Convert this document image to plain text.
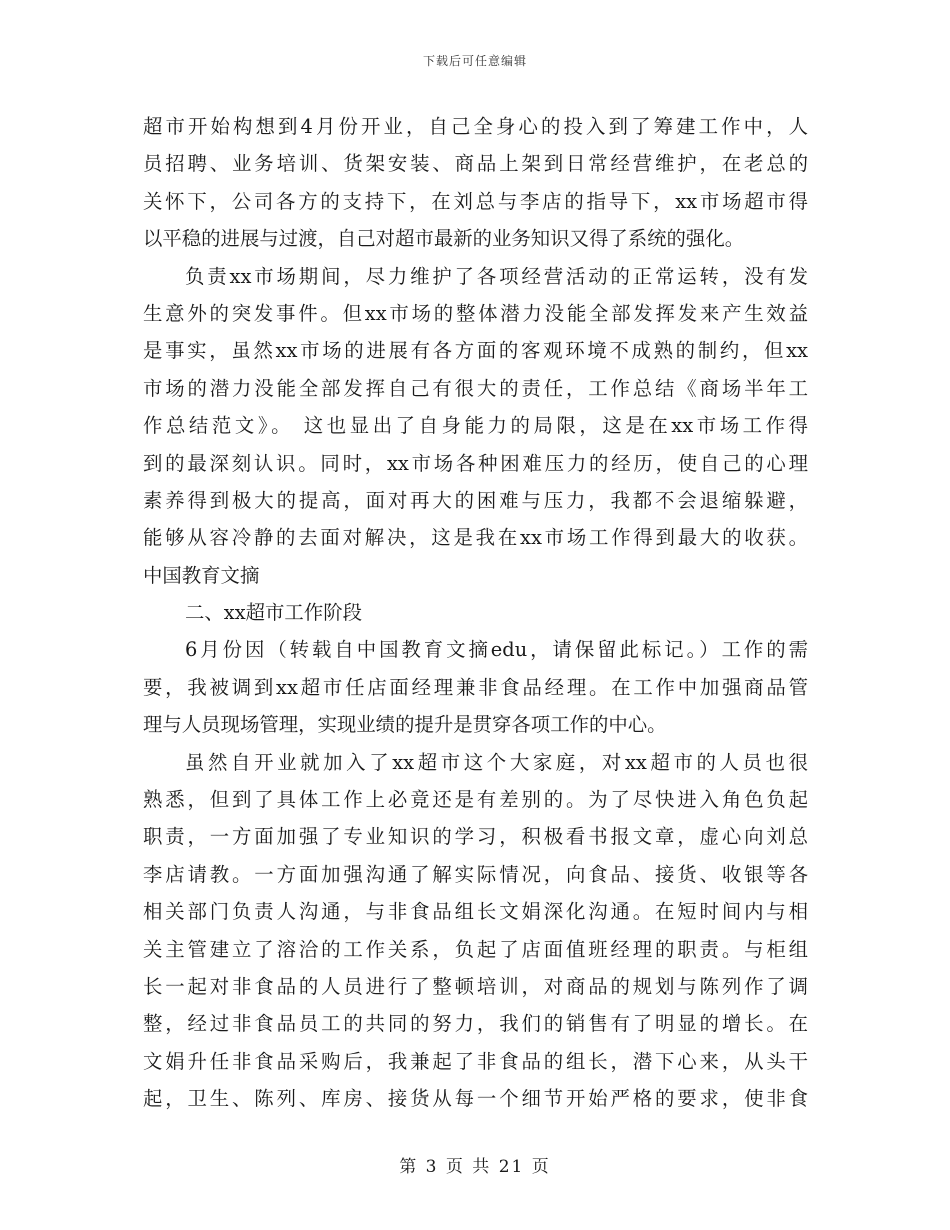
下载后可任意编辑
超市开始构想到4月份开业，自己全身心的投入到了筹建工作中，人
员招聘、业务培训、货架安装、商品上架到日常经营维护，在老总的
关怀下，公司各方的支持下，在刘总与李店的指导下，xx市场超市得
以平稳的进展与过渡，自己对超市最新的业务知识又得了系统的强化。
负责xx市场期间，尽力维护了各项经营活动的正常运转，没有发
生意外的突发事件。但xx市场的整体潜力没能全部发挥发来产生效益
是事实，虽然xx市场的进展有各方面的客观环境不成熟的制约，但xx
市场的潜力没能全部发挥自己有很大的责任，工作总结《商场半年工
作总结范文》。 这也显出了自身能力的局限，这是在xx市场工作得
到的最深刻认识。同时，xx市场各种困难压力的经历，使自己的心理
素养得到极大的提高，面对再大的困难与压力，我都不会退缩躲避，
能够从容冷静的去面对解决，这是我在xx市场工作得到最大的收获。
中国教育文摘
二、xx超市工作阶段
6月份因（转载自中国教育文摘edu，请保留此标记。）工作的需
要，我被调到xx超市任店面经理兼非食品经理。在工作中加强商品管
理与人员现场管理，实现业绩的提升是贯穿各项工作的中心。
虽然自开业就加入了xx超市这个大家庭，对xx超市的人员也很
熟悉，但到了具体工作上必竟还是有差别的。为了尽快进入角色负起
职责，一方面加强了专业知识的学习，积极看书报文章，虚心向刘总
李店请教。一方面加强沟通了解实际情况，向食品、接货、收银等各
相关部门负责人沟通，与非食品组长文娟深化沟通。在短时间内与相
关主管建立了溶洽的工作关系，负起了店面值班经理的职责。与柜组
长一起对非食品的人员进行了整顿培训，对商品的规划与陈列作了调
整，经过非食品员工的共同的努力，我们的销售有了明显的增长。在
文娟升任非食品采购后，我兼起了非食品的组长，潜下心来，从头干
起，卫生、陈列、库房、接货从每一个细节开始严格的要求，使非食
第 3 页 共 21 页
